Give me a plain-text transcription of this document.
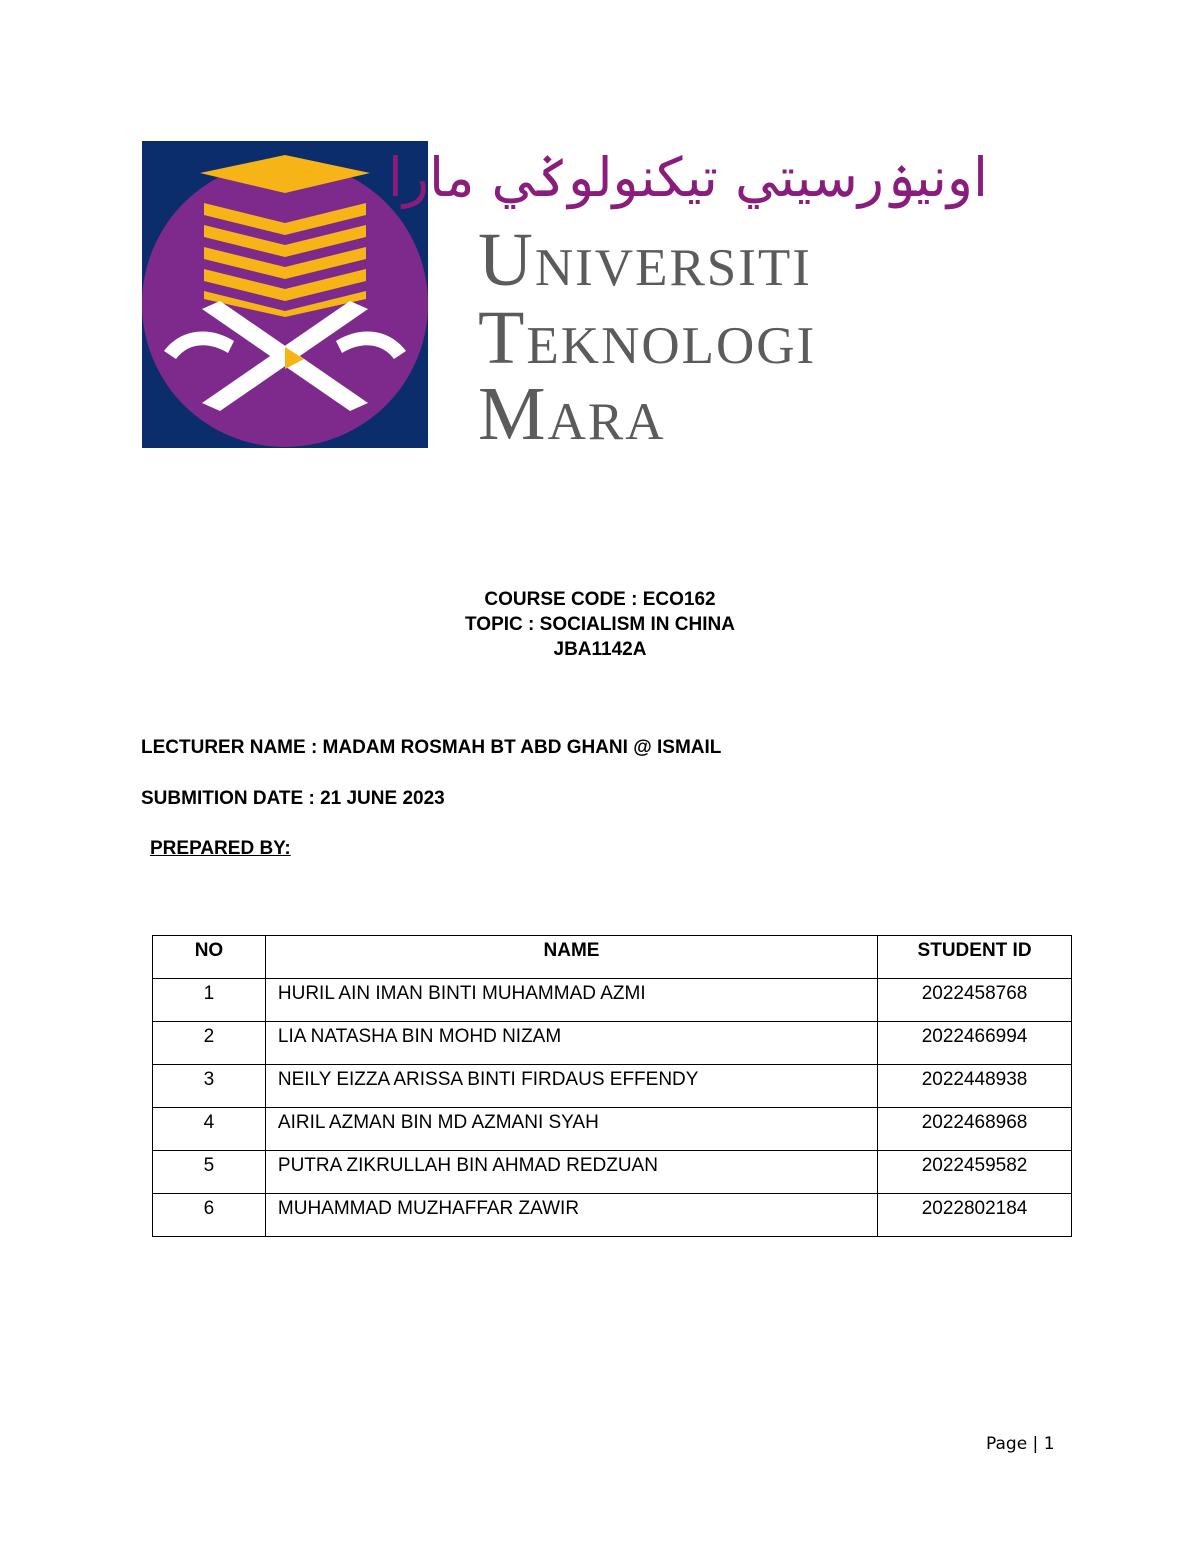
اونيۏرسيتي تيكنولوݢي مارا
Universiti
Teknologi
Mara
COURSE CODE : ECO162
TOPIC : SOCIALISM IN CHINA
JBA1142A
LECTURER NAME : MADAM ROSMAH BT ABD GHANI @ ISMAIL
SUBMITION DATE : 21 JUNE 2023
PREPARED BY:
NO	NAME	STUDENT ID
1	HURIL AIN IMAN BINTI MUHAMMAD AZMI	2022458768
2	LIA NATASHA BIN MOHD NIZAM	2022466994
3	NEILY EIZZA ARISSA BINTI FIRDAUS EFFENDY	2022448938
4	AIRIL AZMAN BIN MD AZMANI SYAH	2022468968
5	PUTRA ZIKRULLAH BIN AHMAD REDZUAN	2022459582
6	MUHAMMAD MUZHAFFAR ZAWIR	2022802184
Page | 1
